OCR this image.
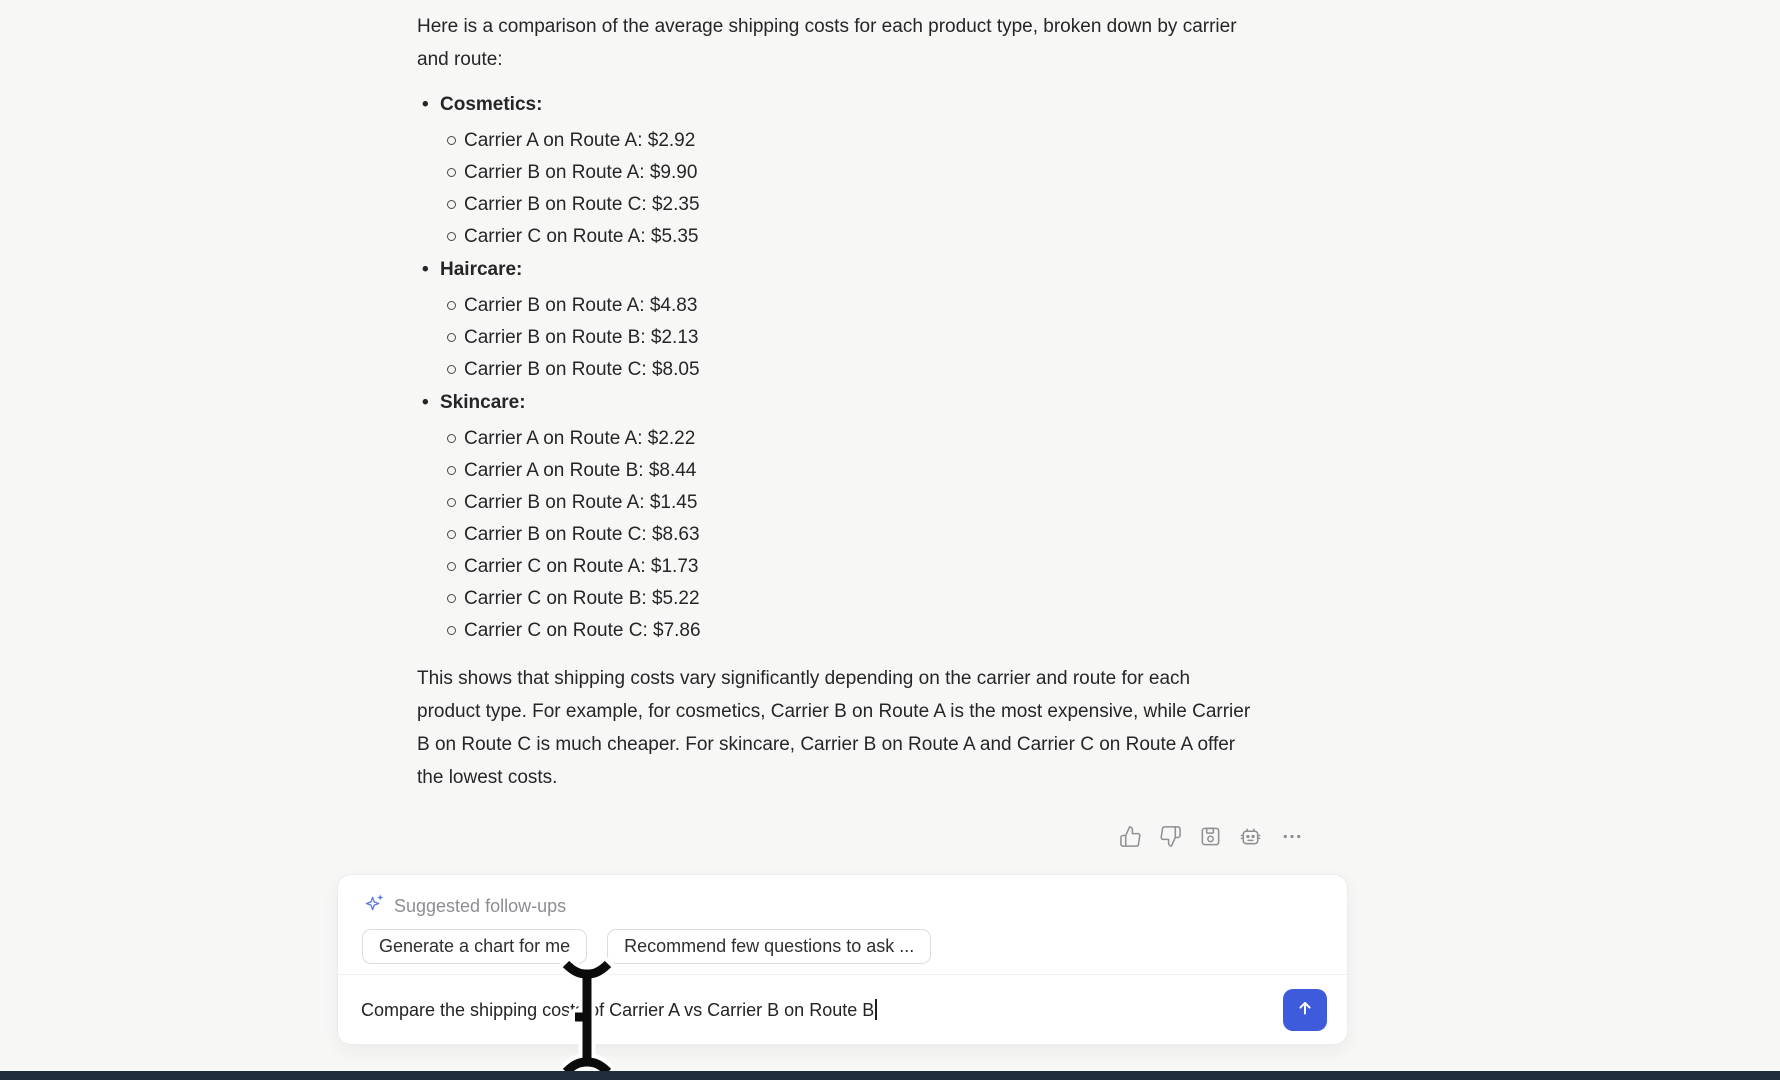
Here is a comparison of the average shipping costs for each product type, broken down by carrier and route:

• Cosmetics:
Carrier A on Route A: $2.92
Carrier B on Route A: $9.90
Carrier B on Route C: $2.35
Carrier C on Route A: $5.35
• Haircare:
Carrier B on Route A: $4.83
Carrier B on Route B: $2.13
Carrier B on Route C: $8.05
• Skincare:
Carrier A on Route A: $2.22
Carrier A on Route B: $8.44
Carrier B on Route A: $1.45
Carrier B on Route C: $8.63
Carrier C on Route A: $1.73
Carrier C on Route B: $5.22
Carrier C on Route C: $7.86

This shows that shipping costs vary significantly depending on the carrier and route for each product type. For example, for cosmetics, Carrier B on Route A is the most expensive, while Carrier B on Route C is much cheaper. For skincare, Carrier B on Route A and Carrier C on Route A offer the lowest costs.

Suggested follow-ups
Generate a chart for me	Recommend few questions to ask ...
Compare the shipping costs of Carrier A vs Carrier B on Route B
